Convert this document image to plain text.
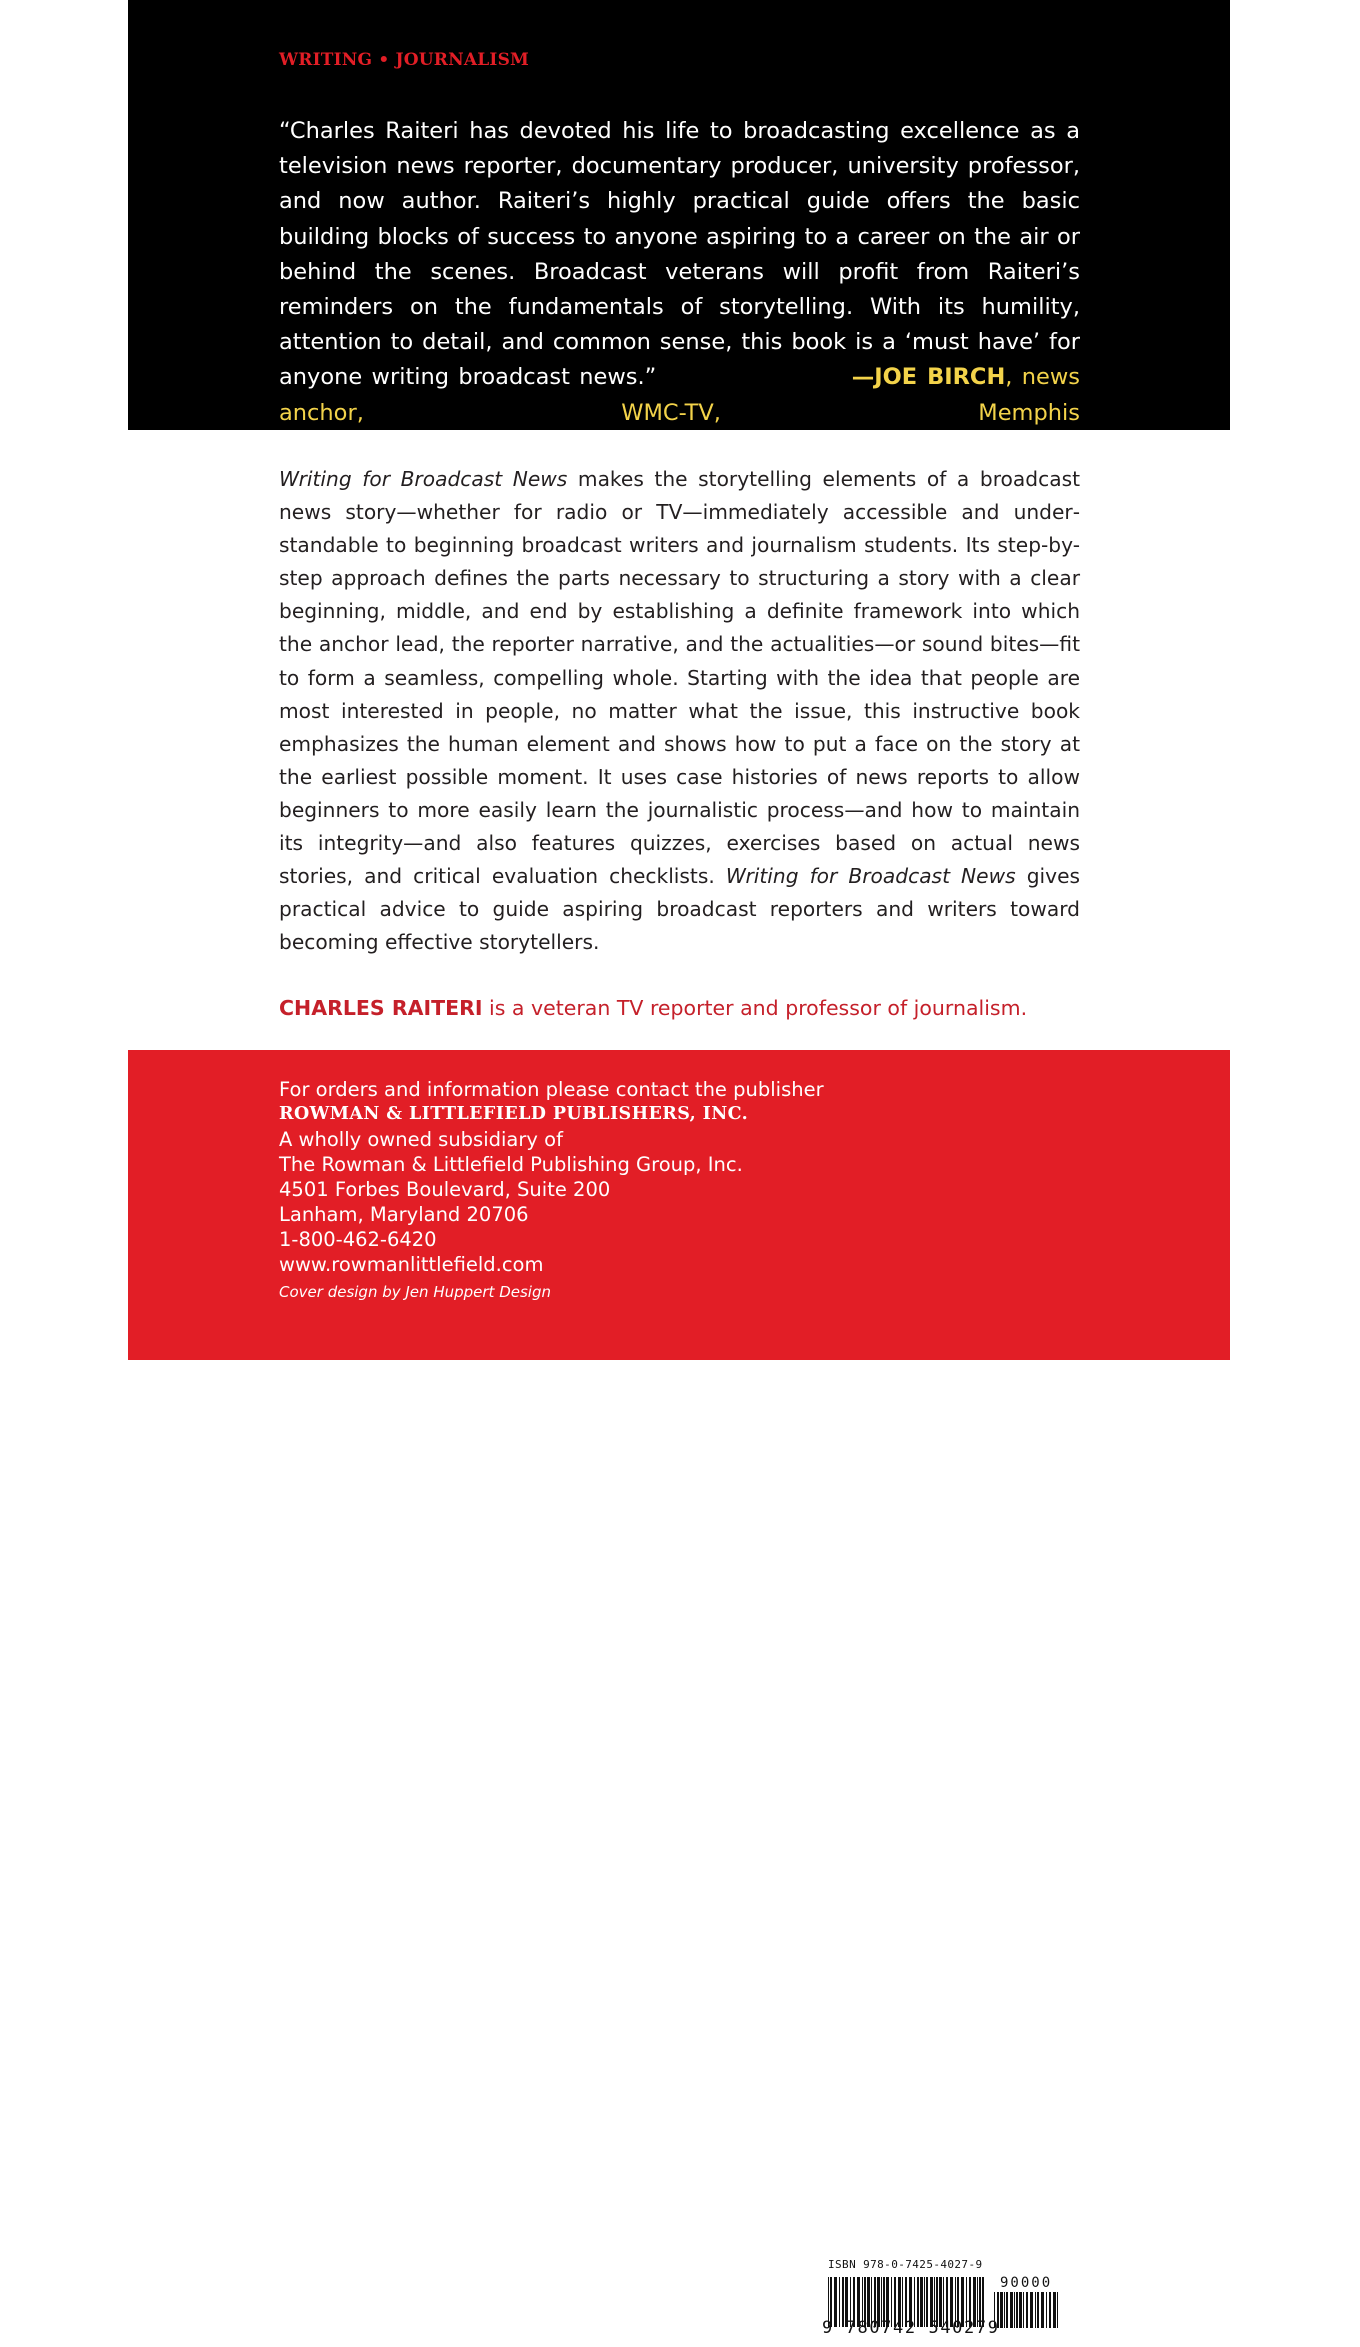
WRITING • JOURNALISM
“Charles Raiteri has devoted his life to broadcasting excellence as a television news reporter, documentary producer, university professor, and now author. Raiteri’s highly practical guide offers the basic building blocks of success to anyone aspiring to a career on the air or behind the scenes. Broadcast veterans will profit from Raiteri’s reminders on the fundamentals of storytelling. With its humility, attention to detail, and common sense, this book is a ‘must have’ for anyone writing broadcast news.”	—JOE BIRCH, news anchor, WMC-TV, Memphis
Writing for Broadcast News makes the storytelling elements of a broadcast news story—whether for radio or TV—immediately accessible and understandable to beginning broadcast writers and journalism students. Its step-by-step approach defines the parts necessary to structuring a story with a clear beginning, middle, and end by establishing a definite framework into which the anchor lead, the reporter narrative, and the actualities—or sound bites—fit to form a seamless, compelling whole. Starting with the idea that people are most interested in people, no matter what the issue, this instructive book emphasizes the human element and shows how to put a face on the story at the earliest possible moment. It uses case histories of news reports to allow beginners to more easily learn the journalistic process—and how to maintain its integrity—and also features quizzes, exercises based on actual news stories, and critical evaluation checklists. Writing for Broadcast News gives practical advice to guide aspiring broadcast reporters and writers toward becoming effective storytellers.
CHARLES RAITERI is a veteran TV reporter and professor of journalism.
ISBN 978-0-7425-4027-9
90000
9 780742 540279
For orders and information please contact the publisher
ROWMAN & LITTLEFIELD PUBLISHERS, INC.
A wholly owned subsidiary of
The Rowman & Littlefield Publishing Group, Inc.
4501 Forbes Boulevard, Suite 200
Lanham, Maryland 20706
1-800-462-6420
www.rowmanlittlefield.com
Cover design by Jen Huppert Design
